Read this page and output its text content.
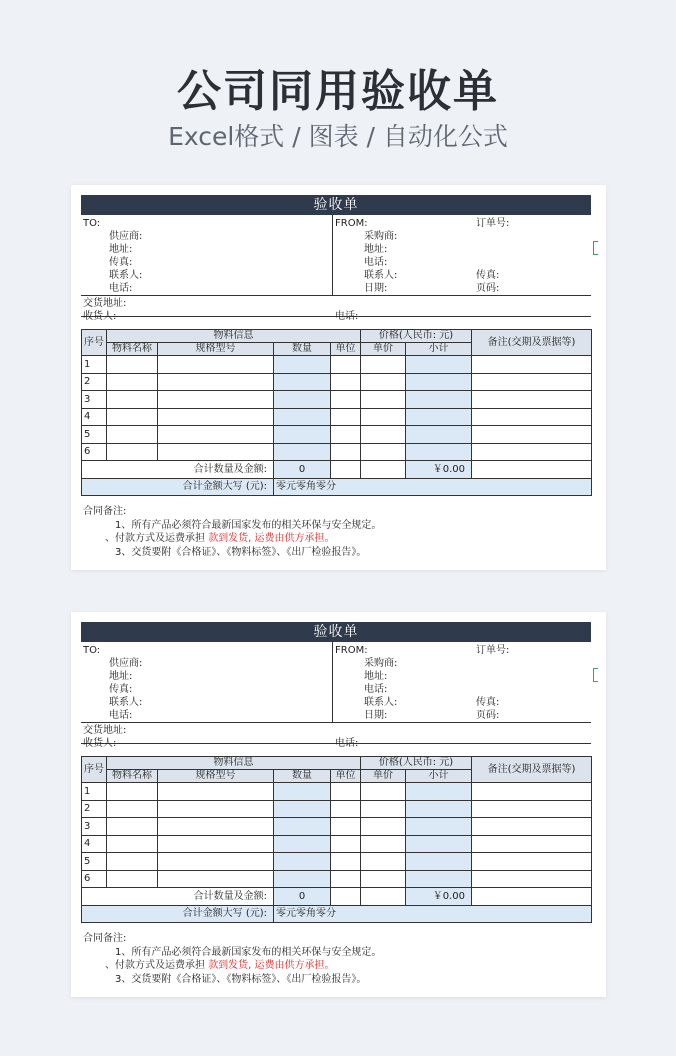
公司同用验收单
Excel格式 / 图表 / 自动化公式
验收单
TO:
供应商:
地址:
传真:
联系人:
电话:
FROM:
采购商:
地址:
电话:
联系人:
日期:
订单号:
传真:
页码:
交货地址:
收货人:	电话:
序号	物料信息				价格(人民币: 元)		备注(交期及票据等)
	物料名称	规格型号	数量	单位	单价	小计	
1							
2							
3							
4							
5							
6							
	合计数量及金额:		0			￥0.00	
合计金额大写 (元):			零元零角零分				
合同备注:
1、所有产品必须符合最新国家发布的相关环保与安全规定。
、付款方式及运费承担 款到发货, 运费由供方承担。
3、交货要附《合格证》、《物料标签》、《出厂检验报告》。
验收单
TO:
供应商:
地址:
传真:
联系人:
电话:
FROM:
采购商:
地址:
电话:
联系人:
日期:
订单号:
传真:
页码:
交货地址:
收货人:	电话:
序号	物料信息				价格(人民币: 元)		备注(交期及票据等)
	物料名称	规格型号	数量	单位	单价	小计	
1							
2							
3							
4							
5							
6							
	合计数量及金额:		0			￥0.00	
合计金额大写 (元):			零元零角零分				
合同备注:
1、所有产品必须符合最新国家发布的相关环保与安全规定。
、付款方式及运费承担 款到发货, 运费由供方承担。
3、交货要附《合格证》、《物料标签》、《出厂检验报告》。
